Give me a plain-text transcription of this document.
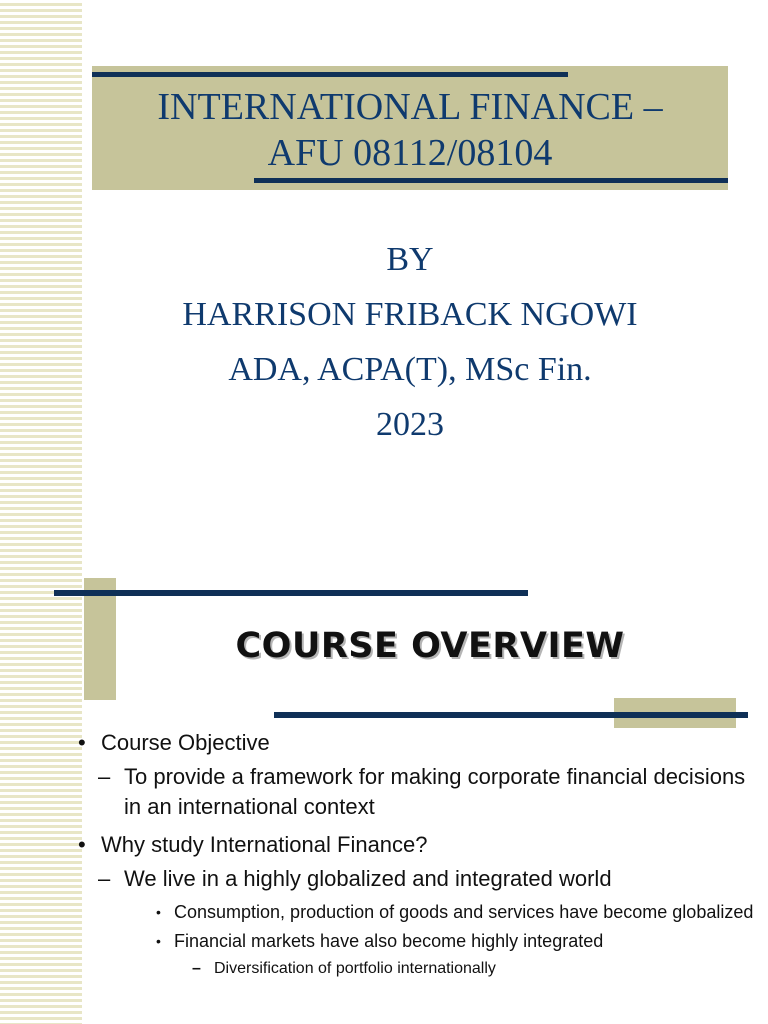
INTERNATIONAL FINANCE –
AFU 08112/08104
BY
HARRISON FRIBACK NGOWI
ADA, ACPA(T), MSc Fin.
2023
COURSE OVERVIEW
• Course Objective
– To provide a framework for making corporate financial decisions in an international context
• Why study International Finance?
– We live in a highly globalized and integrated world
• Consumption, production of goods and services have become globalized
• Financial markets have also become highly integrated
– Diversification of portfolio internationally
